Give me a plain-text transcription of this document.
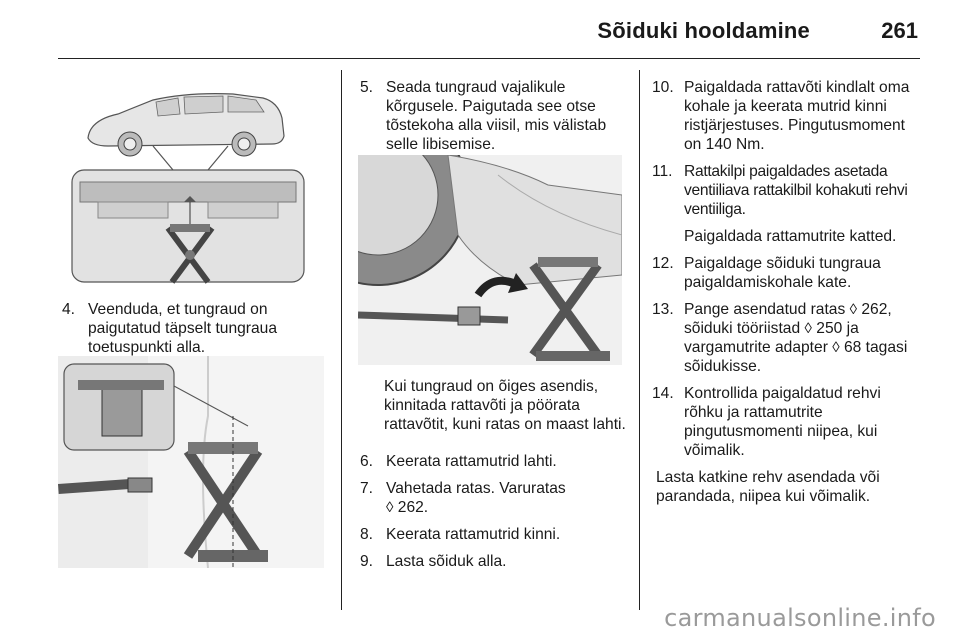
Sõiduki hooldamine	261
4. Veenduda, et tungraud on paigutatud täpselt tungraua toetuspunkti alla.
5. Seada tungraud vajalikule kõrgusele. Paigutada see otse tõstekoha alla viisil, mis välistab selle libisemise.

Kui tungraud on õiges asendis, kinnitada rattavõti ja pöörata rattavõtit, kuni ratas on maast lahti.

6. Keerata rattamutrid lahti.
7. Vahetada ratas. Varuratas
◊ 262.
8. Keerata rattamutrid kinni.
9. Lasta sõiduk alla.
10. Paigaldada rattavõti kindlalt oma kohale ja keerata mutrid kinni ristjärjestuses. Pingutusmoment on 140 Nm.
11. Rattakilpi paigaldades asetada ventiiliava rattakilbil kohakuti rehvi ventiiliga.
Paigaldada rattamutrite katted.
12. Paigaldage sõiduki tungraua paigaldamiskohale kate.
13. Pange asendatud ratas ◊ 262, sõiduki tööriistad ◊ 250 ja vargamutrite adapter ◊ 68 tagasi sõidukisse.
14. Kontrollida paigaldatud rehvi rõhku ja rattamutrite pingutusmomenti niipea, kui võimalik.

Lasta katkine rehv asendada või parandada, niipea kui võimalik.

carmanualsonline.info
